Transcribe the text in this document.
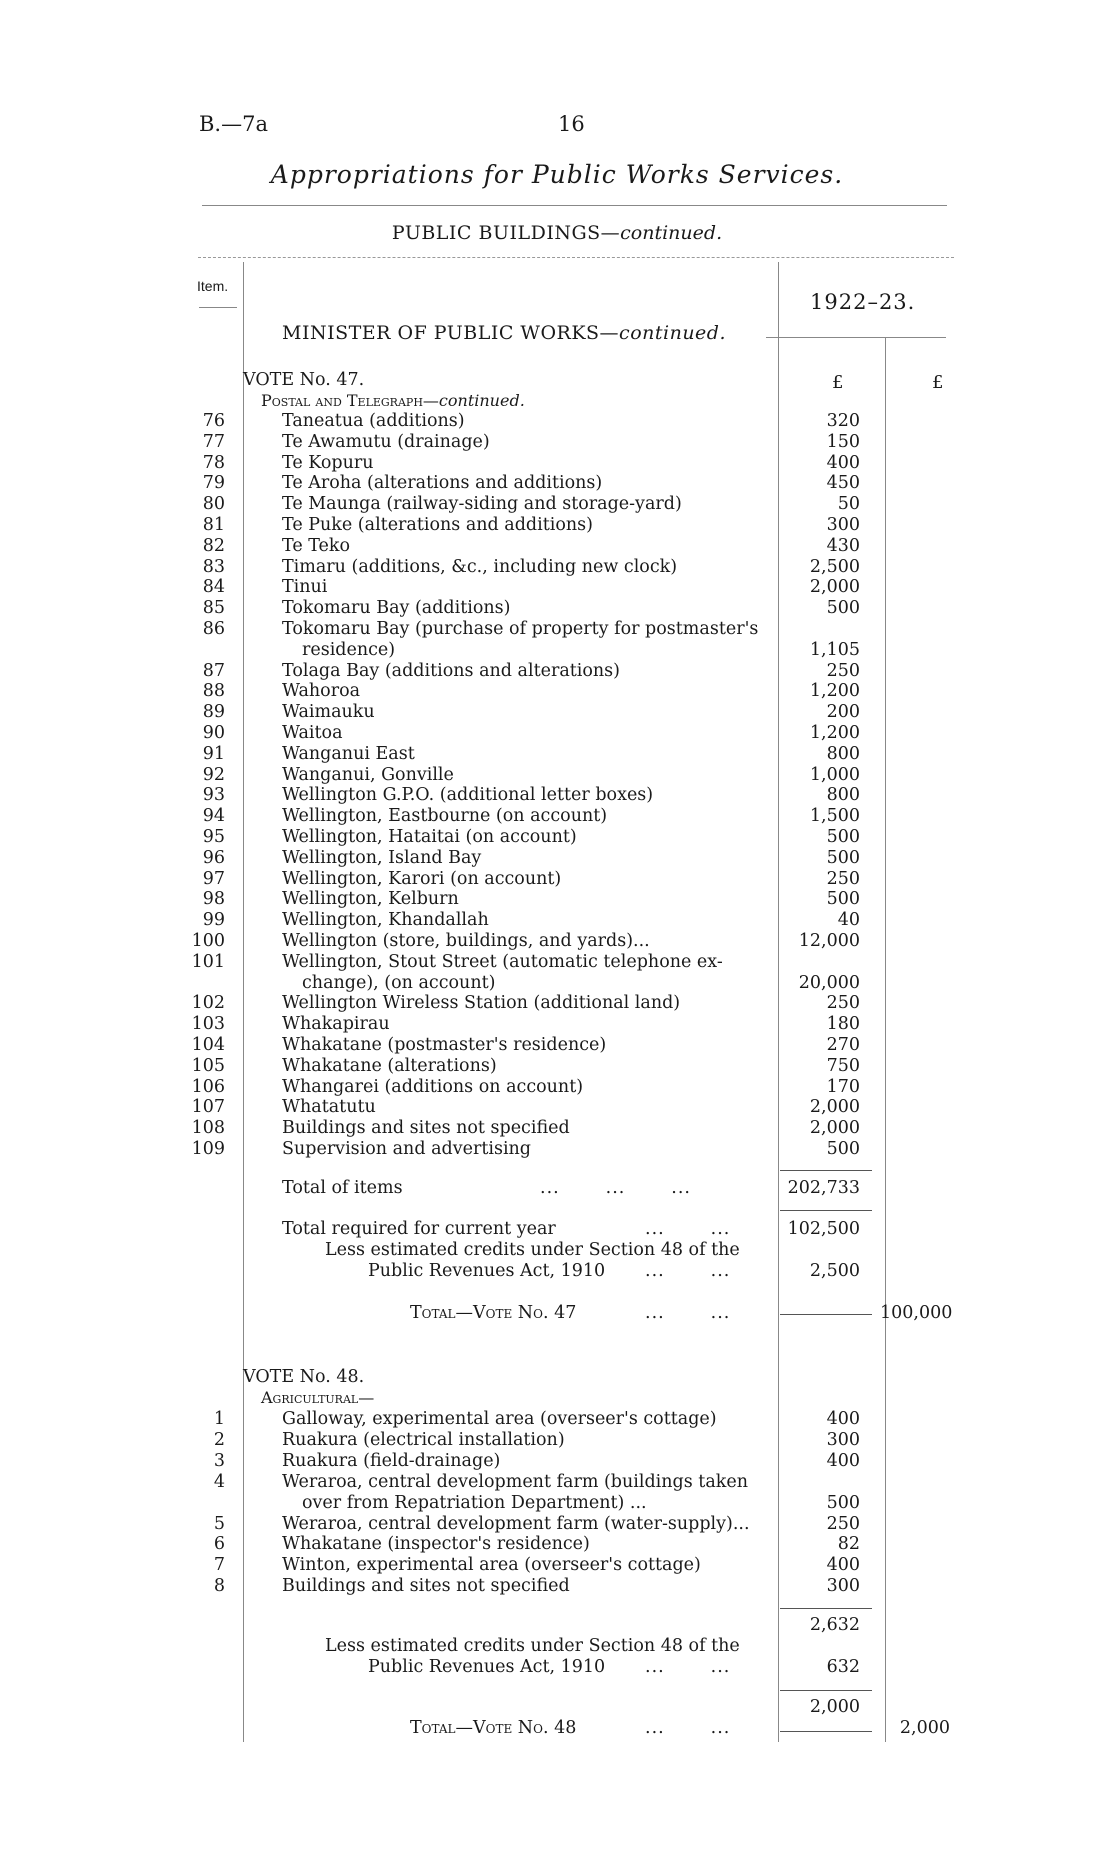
B.—7a	16
Appropriations for Public Works Services.
PUBLIC BUILDINGS—continued.
Item.
MINISTER OF PUBLIC WORKS—continued.
1922–23.
£	£
VOTE No. 47.
Postal and Telegraph—continued.
76	Taneatua (additions)	320
77	Te Awamutu (drainage)	150
78	Te Kopuru	400
79	Te Aroha (alterations and additions)	450
80	Te Maunga (railway-siding and storage-yard)	50
81	Te Puke (alterations and additions)	300
82	Te Teko	430
83	Timaru (additions, &c., including new clock)	2,500
84	Tinui	2,000
85	Tokomaru Bay (additions)	500
86	Tokomaru Bay (purchase of property for postmaster's
residence)	1,105
87	Tolaga Bay (additions and alterations)	250
88	Wahoroa	1,200
89	Waimauku	200
90	Waitoa	1,200
91	Wanganui East	800
92	Wanganui, Gonville	1,000
93	Wellington G.P.O. (additional letter boxes)	800
94	Wellington, Eastbourne (on account)	1,500
95	Wellington, Hataitai (on account)	500
96	Wellington, Island Bay	500
97	Wellington, Karori (on account)	250
98	Wellington, Kelburn	500
99	Wellington, Khandallah	40
100	Wellington (store, buildings, and yards)...	12,000
101	Wellington, Stout Street (automatic telephone ex-
change), (on account)	20,000
102	Wellington Wireless Station (additional land)	250
103	Whakapirau	180
104	Whakatane (postmaster's residence)	270
105	Whakatane (alterations)	750
106	Whangarei (additions on account)	170
107	Whatatutu	2,000
108	Buildings and sites not specified	2,000
109	Supervision and advertising	500
Total of items	...       ...       ...	202,733
Total required for current year	...       ...	102,500
Less estimated credits under Section 48 of the
Public Revenues Act, 1910 ...       ...	2,500
Total—Vote No. 47	...       ...	100,000
VOTE No. 48.
Agricultural—
1	Galloway, experimental area (overseer's cottage)	400
2	Ruakura (electrical installation)	300
3	Ruakura (field-drainage)	400
4	Weraroa, central development farm (buildings taken
over from Repatriation Department) ...	500
5	Weraroa, central development farm (water-supply)...	250
6	Whakatane (inspector's residence)	82
7	Winton, experimental area (overseer's cottage)	400
8	Buildings and sites not specified	300
2,632
Less estimated credits under Section 48 of the
Public Revenues Act, 1910 ...       ...	632
2,000
Total—Vote No. 48	...       ...	2,000
